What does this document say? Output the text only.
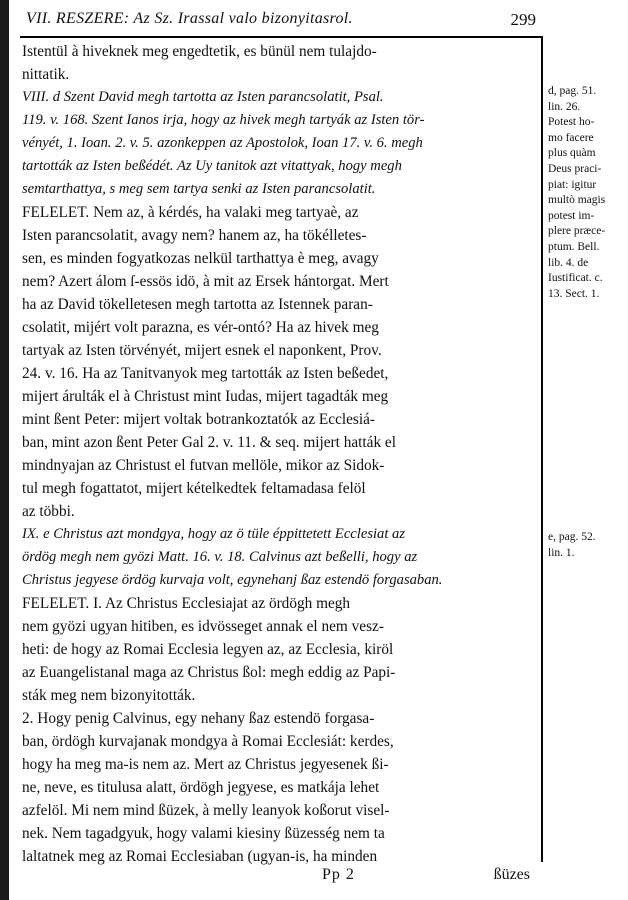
VII. RESZERE: Az Sz. Irassal valo bizonyitasrol.	299
Istentül à hiveknek meg engedtetik, es bünül nem tulajdo-
nittatik.
VIII. d Szent David megh tartotta az Isten parancsolatit, Psal.
119. v. 168. Szent Ianos irja, hogy az hivek megh tartyák az Isten tör-
vényét, 1. Ioan. 2. v. 5. azonkeppen az Apostolok, Ioan 17. v. 6. megh
tartották az Isten beßédét. Az Uy tanitok azt vitattyak, hogy megh
semtarthattya, s meg sem tartya senki az Isten parancsolatit.
FELELET. Nem az, à kérdés, ha valaki meg tartyaè, az
Isten parancsolatit, avagy nem? hanem az, ha tökélletes-
sen, es minden fogyatkozas nelkül tarthattya è meg, avagy
nem? Azert álom ſ-essös idö, à mit az Ersek hántorgat. Mert
ha az David tökelletesen megh tartotta az Istennek paran-
csolatit, mijért volt parazna, es vér-ontó? Ha az hivek meg
tartyak az Isten törvényét, mijert esnek el naponkent, Prov.
24. v. 16. Ha az Tanitvanyok meg tartották az Isten beßedet,
mijert árulták el à Christust mint Iudas, mijert tagadták meg
mint ßent Peter: mijert voltak botrankoztatók az Ecclesiá-
ban, mint azon ßent Peter Gal 2. v. 11. & seq. mijert hatták el
mindnyajan az Christust el futvan mellöle, mikor az Sidok-
tul megh fogattatot, mijert kételkedtek feltamadasa felöl
az többi.
IX. e Christus azt mondgya, hogy az ö tüle éppittetett Ecclesiat az
ördög megh nem gyözi Matt. 16. v. 18. Calvinus azt beßelli, hogy az
Christus jegyese ördög kurvaja volt, egynehanj ßaz estendö forgasaban.
FELELET. I. Az Christus Ecclesiajat az ördögh megh
nem gyözi ugyan hitiben, es idvösseget annak el nem vesz-
heti: de hogy az Romai Ecclesia legyen az, az Ecclesia, kiröl
az Euangelistanal maga az Christus ßol: megh eddig az Papi-
sták meg nem bizonyitották.
2. Hogy penig Calvinus, egy nehany ßaz estendö forgasa-
ban, ördögh kurvajanak mondgya à Romai Ecclesiát: kerdes,
hogy ha meg ma-is nem az. Mert az Christus jegyesenek ßi-
ne, neve, es titulusa alatt, ördögh jegyese, es matkája lehet
azfelöl. Mi nem mind ßüzek, à melly leanyok koßorut visel-
nek. Nem tagadgyuk, hogy valami kiesiny ßüzesség nem ta
laltatnek meg az Romai Ecclesiaban (ugyan-is, ha minden
d, pag. 51.
lin. 26.
Potest ho-
mo facere
plus quàm
Deus praci-
piat: igitur
multò magis
potest im-
plere præce-
ptum. Bell.
lib. 4. de
Iustificat. c.
13. Sect. 1.
e, pag. 52.
lin. 1.
Pp 2	ßüzes
